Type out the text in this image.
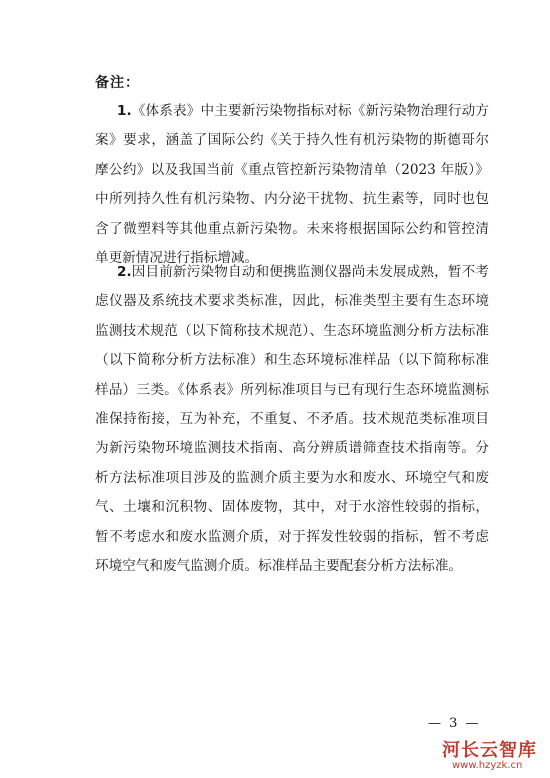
备注：

1.《体系表》中主要新污染物指标对标《新污染物治理行动方案》要求，涵盖了国际公约《关于持久性有机污染物的斯德哥尔摩公约》以及我国当前《重点管控新污染物清单（2023 年版）》中所列持久性有机污染物、内分泌干扰物、抗生素等，同时也包含了微塑料等其他重点新污染物。未来将根据国际公约和管控清单更新情况进行指标增减。

2.因目前新污染物自动和便携监测仪器尚未发展成熟，暂不考虑仪器及系统技术要求类标准，因此，标准类型主要有生态环境监测技术规范（以下简称技术规范）、生态环境监测分析方法标准（以下简称分析方法标准）和生态环境标准样品（以下简称标准样品）三类。《体系表》所列标准项目与已有现行生态环境监测标准保持衔接，互为补充，不重复、不矛盾。技术规范类标准项目为新污染物环境监测技术指南、高分辨质谱筛查技术指南等。分析方法标准项目涉及的监测介质主要为水和废水、环境空气和废气、土壤和沉积物、固体废物，其中，对于水溶性较弱的指标，暂不考虑水和废水监测介质，对于挥发性较弱的指标，暂不考虑环境空气和废气监测介质。标准样品主要配套分析方法标准。

— 3 —
河长云智库
www.hzyzk.cn
